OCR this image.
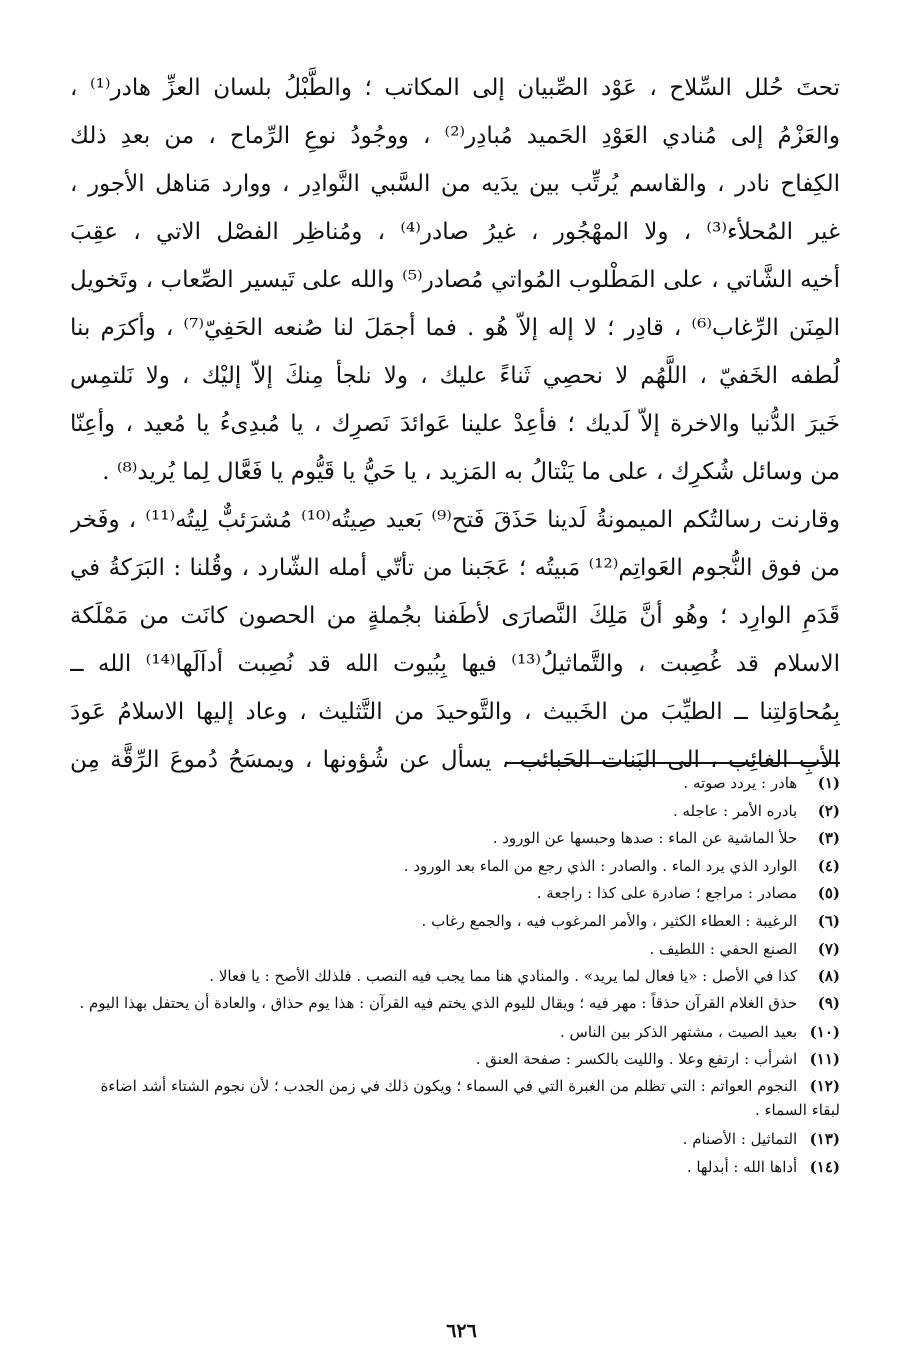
تحتَ حُلل السِّلاح ، عَوْد الصِّبيان إلى المكاتب ؛ والطَّبْلُ بلسان العزِّ هادر⁽¹⁾ ،
والعَزْمُ إلى مُنادي العَوْدِ الحَميد مُبادِر⁽²⁾ ، ووجُودُ نوعِ الرِّماح ، من بعدِ ذلك
الكِفاح نادر ، والقاسم يُرتِّب بين يدَيه من السَّبي النَّوادِر ، ووارد مَناهل الأجور ،
غير المُحلأء⁽³⁾ ، ولا المهْجُور ، غيرُ صادر⁽⁴⁾ ، ومُناظِر الفصْل الاتي ، عقِبَ
أخيه الشَّاتي ، على المَطْلوب المُواتي مُصادر⁽⁵⁾ والله على تَيسير الصِّعاب ، وتَخويل
المِنَن الرِّغاب⁽⁶⁾ ، قادِر ؛ لا إله إلاّ هُو . فما أجمَلَ لنا صُنعه الحَفِيّ⁽⁷⁾ ، وأكرَم بنا
لُطفه الخَفيّ ، اللَّهُم لا نحصِي ثَناءً عليك ، ولا نلجأ مِنكَ إلاّ إليْك ، ولا نَلتمِس
خَيرَ الدُّنيا والاخرة إلاّ لَديك ؛ فأعِدْ علينا عَوائدَ نَصرِك ، يا مُبدِىءُ يا مُعيد ، وأعِنّا
من وسائل شُكرِك ، على ما يَنْتالُ به المَزيد ، يا حَيُّ يا قَيُّوم يا فَعَّال لِما يُريد⁽⁸⁾ .
وقارنت رسالتُكم الميمونةُ لَدينا حَذَقَ فَتح⁽⁹⁾ بَعيد صِيتُه⁽¹⁰⁾ مُشرَئبٌّ لِيتُه⁽¹¹⁾ ، وفَخر
من فوق النُّجوم العَواتِم⁽¹²⁾ مَبيتُه ؛ عَجَبنا من تأتّي أمله الشّارد ، وقُلنا : البَرَكةُ في
قَدَمِ الوارِد ؛ وهُو أنَّ مَلِكَ النَّصارَى لأطَفنا بجُملةٍ من الحصون كانَت من مَمْلَكة
الاسلام قد غُصِبت ، والتَّماثيلُ⁽¹³⁾ فيها بِبُيوت الله قد نُصِبت أداَلَها⁽¹⁴⁾ الله ــ
بِمُحاوَلتِنا ــ الطيِّبَ من الخَبيث ، والتَّوحيدَ من التَّثليث ، وعاد إليها الاسلامُ عَودَ
الأبِ الغائِب ، الى البَنات الحَبائب ، يسأل عن شُؤونها ، ويمسَحُ دُموعَ الرِّقَّة مِن
(١) هادر : يردد صوته .
(٢) بادره الأمر : عاجله .
(٣) حلأ الماشية عن الماء : صدها وحبسها عن الورود .
(٤) الوارد الذي يرد الماء . والصادر : الذي رجع من الماء بعد الورود .
(٥) مصادر : مراجع ؛ صادرة على كذا : راجعة .
(٦) الرغيبة : العطاء الكثير ، والأمر المرغوب فيه ، والجمع رغاب .
(٧) الصنع الحفي : اللطيف .
(٨) كذا في الأصل : «يا فعال لما يريد» . والمنادي هنا مما يجب فيه النصب . فلذلك الأصح : يا فعالا .
(٩) حذق الغلام القرآن حذقاً : مهر فيه ؛ ويقال لليوم الذي يختم فيه القرآن : هذا يوم حذاق ، والعادة أن يحتفل بهذا اليوم .
(١٠) بعيد الصيت ، مشتهر الذكر بين الناس .
(١١) اشرأب : ارتفع وعلا . والليت بالكسر : صفحة العنق .
(١٢) النجوم العواتم : التي تظلم من الغبرة التي في السماء ؛ ويكون ذلك في زمن الجدب ؛ لأن نجوم الشتاء أشد اضاءة لبقاء السماء .
(١٣) التماثيل : الأصنام .
(١٤) أداها الله : أبدلها .
٦٢٦
